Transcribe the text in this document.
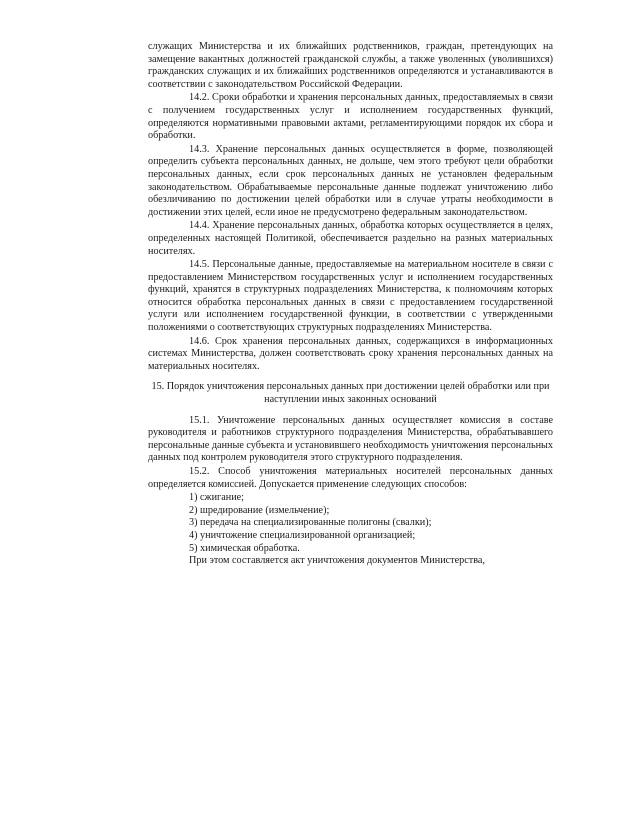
служащих Министерства и их ближайших родственников, граждан, претендующих на замещение вакантных должностей гражданской службы, а также уволенных (уволившихся) гражданских служащих и их ближайших родственников определяются и устанавливаются в соответствии с законодательством Российской Федерации.

14.2. Сроки обработки и хранения персональных данных, предоставляемых в связи с получением государственных услуг и исполнением государственных функций, определяются нормативными правовыми актами, регламентирующими порядок их сбора и обработки.

14.3. Хранение персональных данных осуществляется в форме, позволяющей определить субъекта персональных данных, не дольше, чем этого требуют цели обработки персональных данных, если срок персональных данных не установлен федеральным законодательством. Обрабатываемые персональные данные подлежат уничтожению либо обезличиванию по достижении целей обработки или в случае утраты необходимости в достижении этих целей, если иное не предусмотрено федеральным законодательством.

14.4. Хранение персональных данных, обработка которых осуществляется в целях, определенных настоящей Политикой, обеспечивается раздельно на разных материальных носителях.

14.5. Персональные данные, предоставляемые на материальном носителе в связи с предоставлением Министерством государственных услуг и исполнением государственных функций, хранятся в структурных подразделениях Министерства, к полномочиям которых относится обработка персональных данных в связи с предоставлением государственной услуги или исполнением государственной функции, в соответствии с утвержденными положениями о соответствующих структурных подразделениях Министерства.

14.6. Срок хранения персональных данных, содержащихся в информационных системах Министерства, должен соответствовать сроку хранения персональных данных на материальных носителях.

15. Порядок уничтожения персональных данных при достижении целей обработки или при наступлении иных законных оснований

15.1. Уничтожение персональных данных осуществляет комиссия в составе руководителя и работников структурного подразделения Министерства, обрабатывавшего персональные данные субъекта и установившего необходимость уничтожения персональных данных под контролем руководителя этого структурного подразделения.

15.2. Способ уничтожения материальных носителей персональных данных определяется комиссией. Допускается применение следующих способов:

1) сжигание;
2) шредирование (измельчение);
3) передача на специализированные полигоны (свалки);
4) уничтожение специализированной организацией;
5) химическая обработка.

При этом составляется акт уничтожения документов Министерства,
